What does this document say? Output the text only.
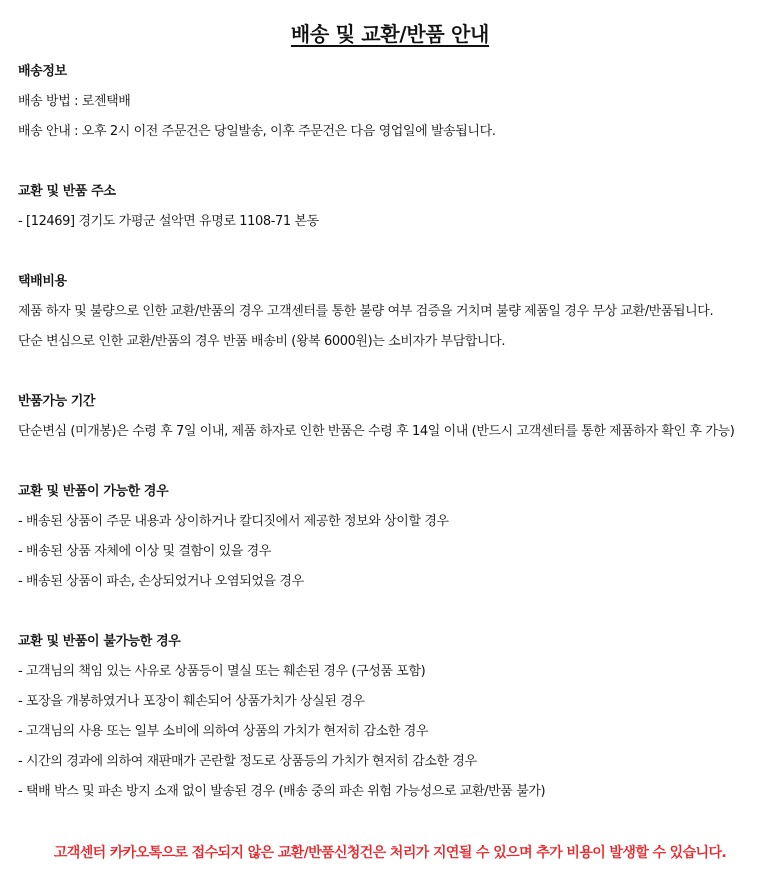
배송 및 교환/반품 안내
배송정보
배송 방법 : 로젠택배
배송 안내 : 오후 2시 이전 주문건은 당일발송, 이후 주문건은 다음 영업일에 발송됩니다.
교환 및 반품 주소
- [12469] 경기도 가평군 설악면 유명로 1108-71 본동
택배비용
제품 하자 및 불량으로 인한 교환/반품의 경우 고객센터를 통한 불량 여부 검증을 거치며 불량 제품일 경우 무상 교환/반품됩니다.
단순 변심으로 인한 교환/반품의 경우 반품 배송비 (왕복 6000원)는 소비자가 부담합니다.
반품가능 기간
단순변심 (미개봉)은 수령 후 7일 이내, 제품 하자로 인한 반품은 수령 후 14일 이내 (반드시 고객센터를 통한 제품하자 확인 후 가능)
교환 및 반품이 가능한 경우
- 배송된 상품이 주문 내용과 상이하거나 칼디짓에서 제공한 정보와 상이할 경우
- 배송된 상품 자체에 이상 및 결함이 있을 경우
- 배송된 상품이 파손, 손상되었거나 오염되었을 경우
교환 및 반품이 불가능한 경우
- 고객님의 책임 있는 사유로 상품등이 멸실 또는 훼손된 경우 (구성품 포함)
- 포장을 개봉하였거나 포장이 훼손되어 상품가치가 상실된 경우
- 고객님의 사용 또는 일부 소비에 의하여 상품의 가치가 현저히 감소한 경우
- 시간의 경과에 의하여 재판매가 곤란할 정도로 상품등의 가치가 현저히 감소한 경우
- 택배 박스 및 파손 방지 소재 없이 발송된 경우 (배송 중의 파손 위험 가능성으로 교환/반품 불가)
고객센터 카카오톡으로 접수되지 않은 교환/반품신청건은 처리가 지연될 수 있으며 추가 비용이 발생할 수 있습니다.
